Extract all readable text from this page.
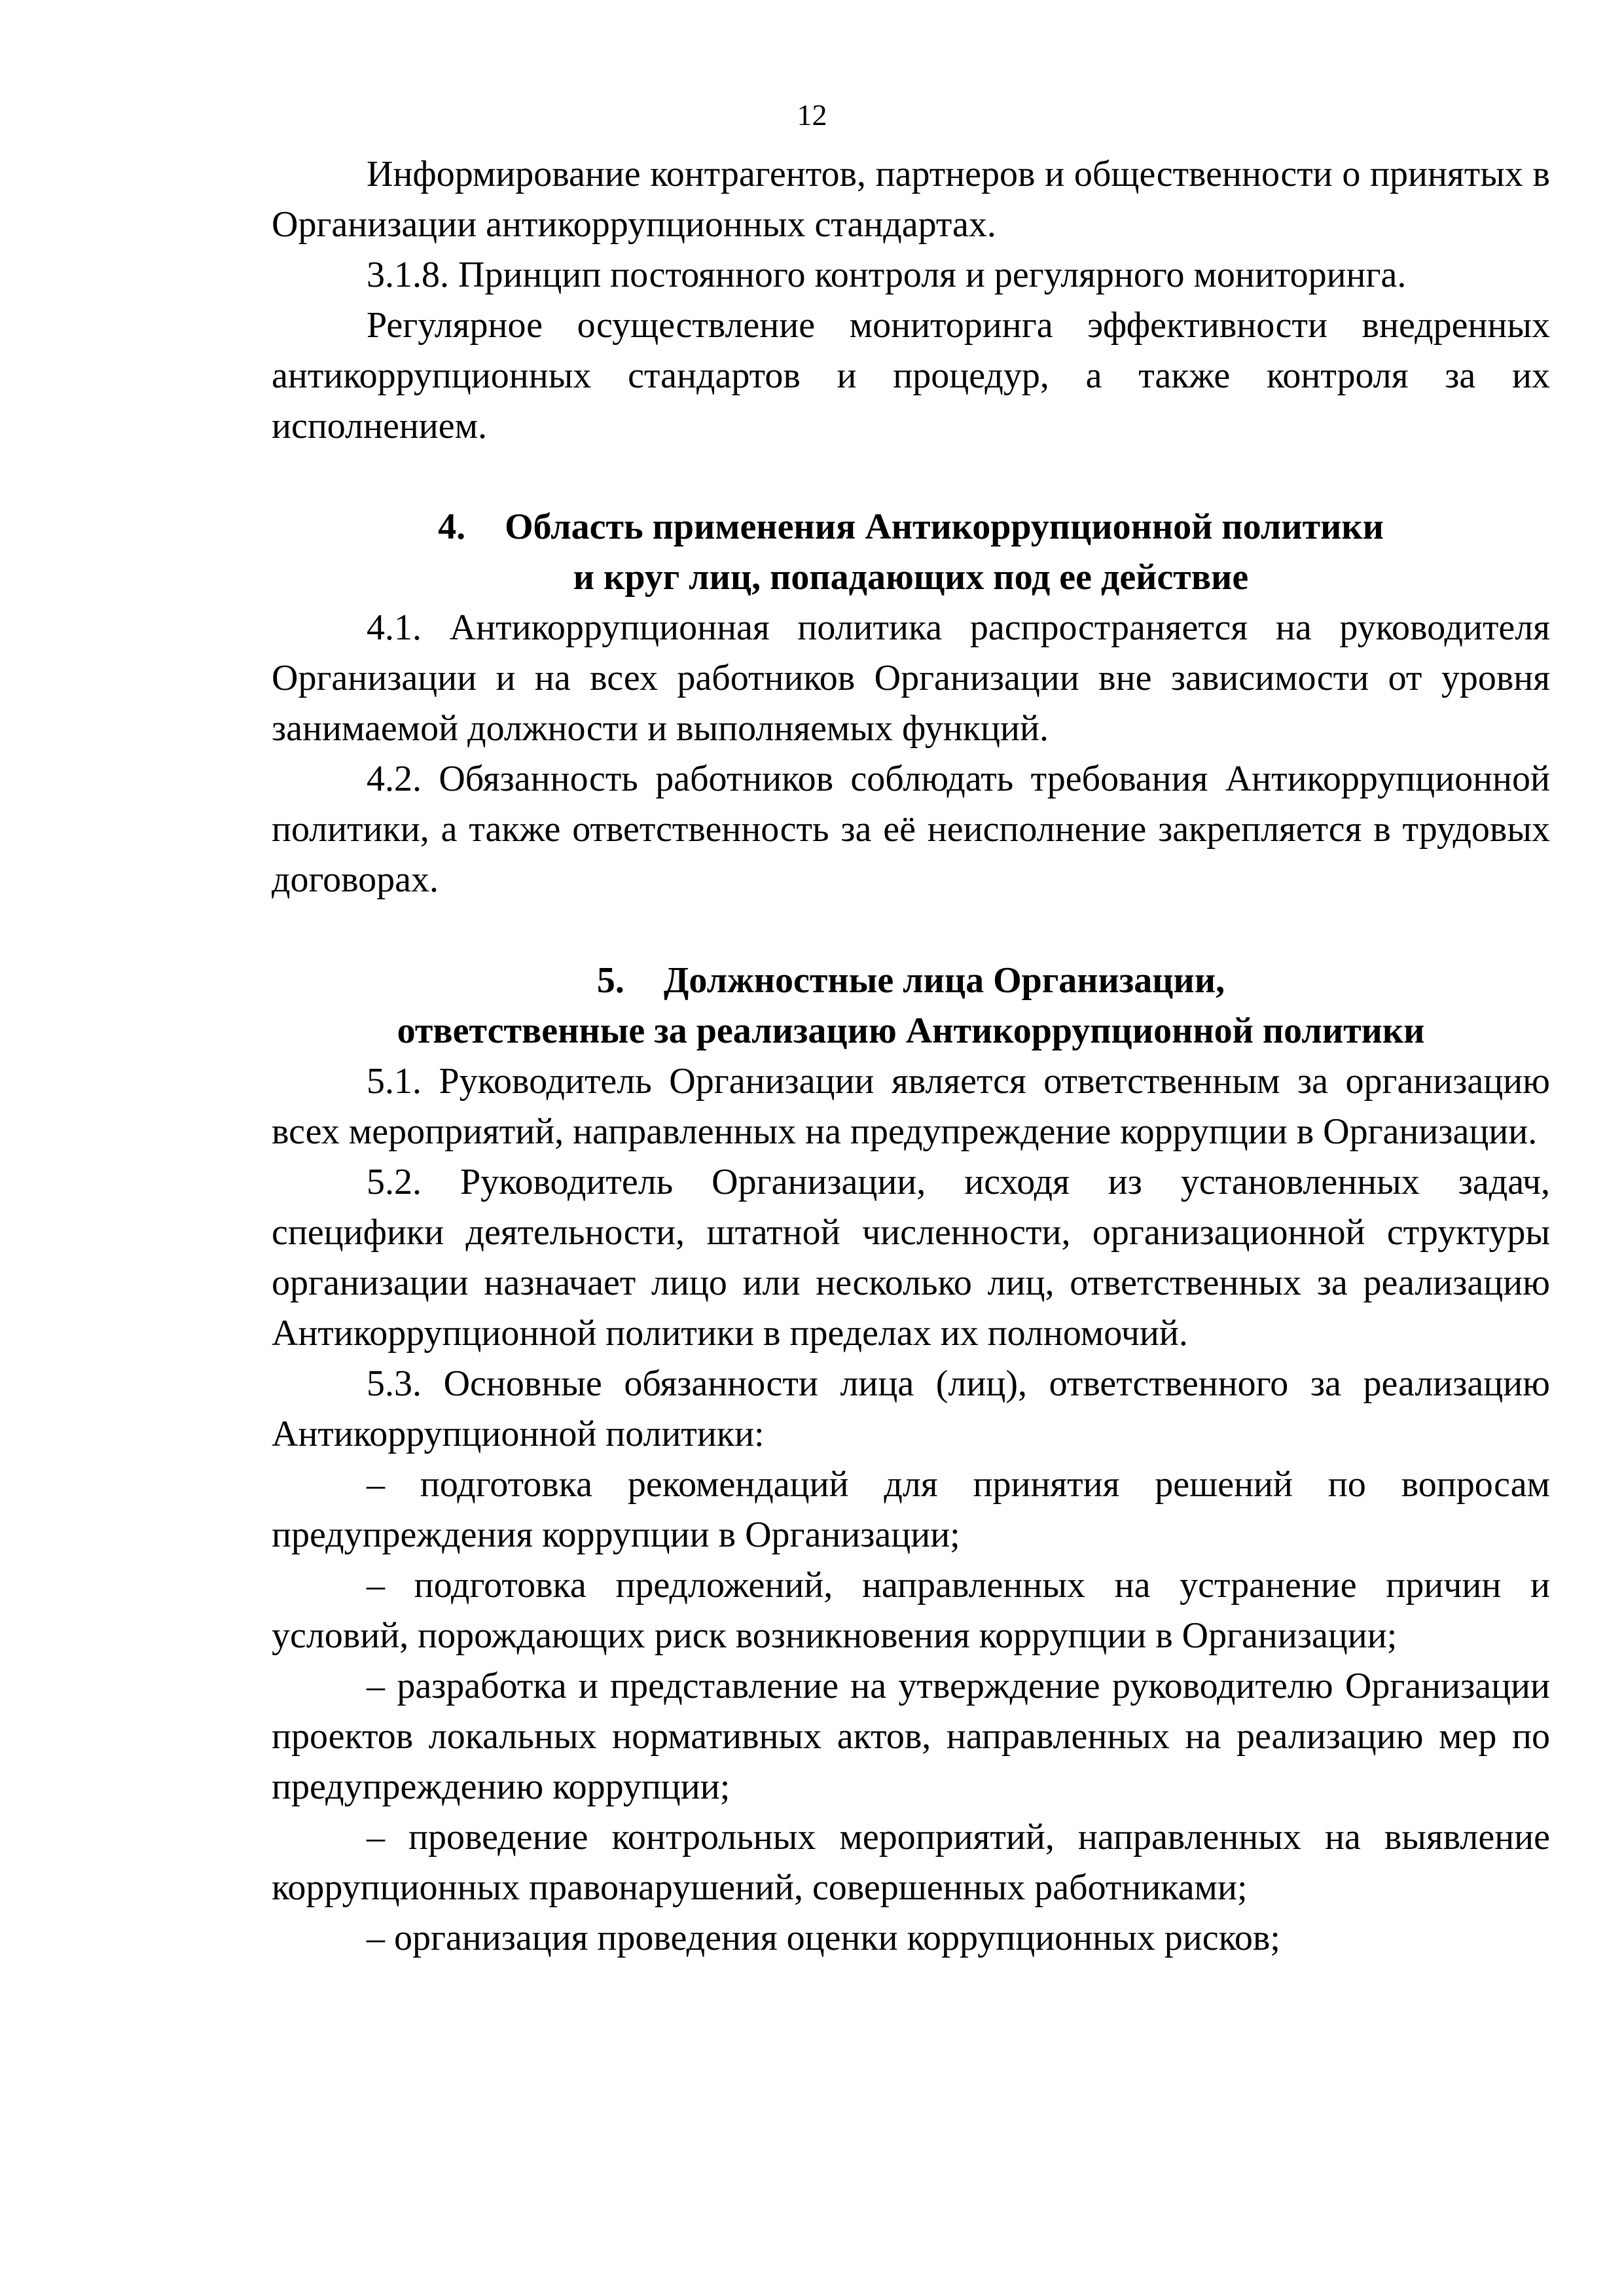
12

Информирование контрагентов, партнеров и общественности о принятых в Организации антикоррупционных стандартах.

3.1.8. Принцип постоянного контроля и регулярного мониторинга.

Регулярное осуществление мониторинга эффективности внедренных антикоррупционных стандартов и процедур, а также контроля за их исполнением.

4. Область применения Антикоррупционной политики
и круг лиц, попадающих под ее действие

4.1. Антикоррупционная политика распространяется на руководителя Организации и на всех работников Организации вне зависимости от уровня занимаемой должности и выполняемых функций.

4.2. Обязанность работников соблюдать требования Антикоррупционной политики, а также ответственность за её неисполнение закрепляется в трудовых договорах.

5. Должностные лица Организации,
ответственные за реализацию Антикоррупционной политики

5.1. Руководитель Организации является ответственным за организацию всех мероприятий, направленных на предупреждение коррупции в Организации.

5.2. Руководитель Организации, исходя из установленных задач, специфики деятельности, штатной численности, организационной структуры организации назначает лицо или несколько лиц, ответственных за реализацию Антикоррупционной политики в пределах их полномочий.

5.3. Основные обязанности лица (лиц), ответственного за реализацию Антикоррупционной политики:

– подготовка рекомендаций для принятия решений по вопросам предупреждения коррупции в Организации;

– подготовка предложений, направленных на устранение причин и условий, порождающих риск возникновения коррупции в Организации;

– разработка и представление на утверждение руководителю Организации проектов локальных нормативных актов, направленных на реализацию мер по предупреждению коррупции;

– проведение контрольных мероприятий, направленных на выявление коррупционных правонарушений, совершенных работниками;

– организация проведения оценки коррупционных рисков;
